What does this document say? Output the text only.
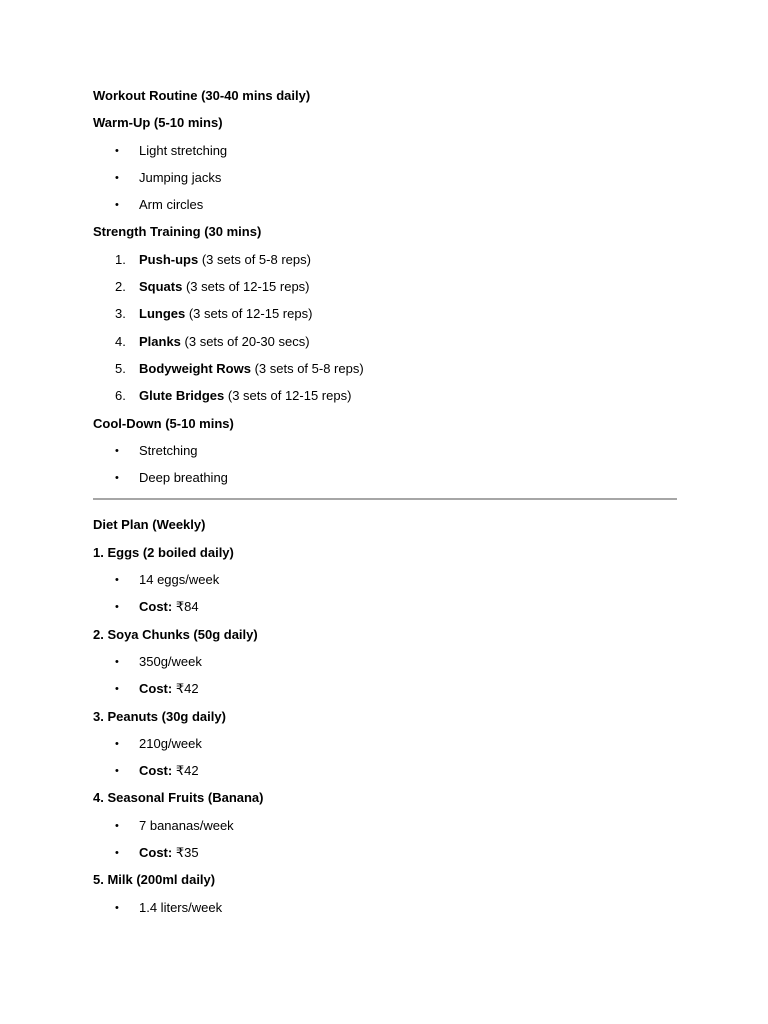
Workout Routine (30-40 mins daily)
Warm-Up (5-10 mins)
• Light stretching
• Jumping jacks
• Arm circles
Strength Training (30 mins)
1. Push-ups (3 sets of 5-8 reps)
2. Squats (3 sets of 12-15 reps)
3. Lunges (3 sets of 12-15 reps)
4. Planks (3 sets of 20-30 secs)
5. Bodyweight Rows (3 sets of 5-8 reps)
6. Glute Bridges (3 sets of 12-15 reps)
Cool-Down (5-10 mins)
• Stretching
• Deep breathing
Diet Plan (Weekly)
1. Eggs (2 boiled daily)
• 14 eggs/week
• Cost: ₹84
2. Soya Chunks (50g daily)
• 350g/week
• Cost: ₹42
3. Peanuts (30g daily)
• 210g/week
• Cost: ₹42
4. Seasonal Fruits (Banana)
• 7 bananas/week
• Cost: ₹35
5. Milk (200ml daily)
• 1.4 liters/week
